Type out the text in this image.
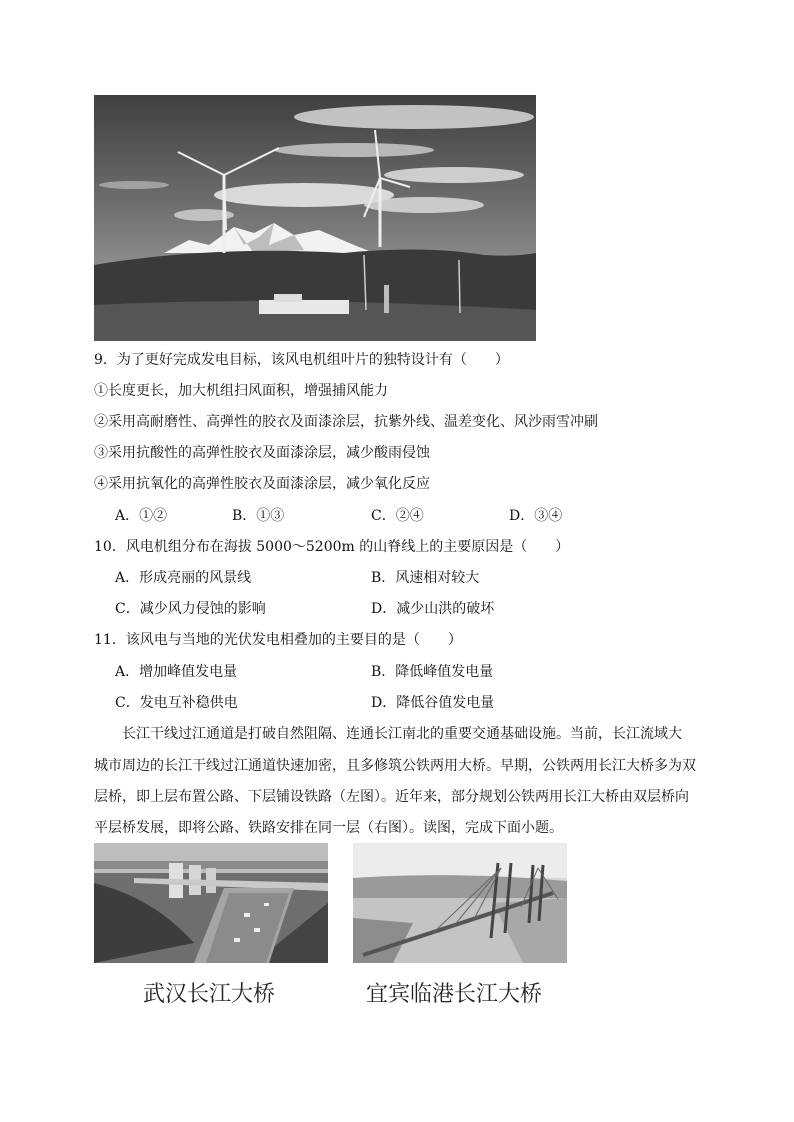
9．为了更好完成发电目标，该风电机组叶片的独特设计有（　　）
①长度更长，加大机组扫风面积，增强捕风能力
②采用高耐磨性、高弹性的胶衣及面漆涂层，抗紫外线、温差变化、风沙雨雪冲刷
③采用抗酸性的高弹性胶衣及面漆涂层，减少酸雨侵蚀
④采用抗氧化的高弹性胶衣及面漆涂层，减少氧化反应
A．①②	B．①③	C．②④	D．③④
10．风电机组分布在海拔 5000～5200m 的山脊线上的主要原因是（　　）
A．形成亮丽的风景线	B．风速相对较大
C．减少风力侵蚀的影响	D．减少山洪的破坏
11．该风电与当地的光伏发电相叠加的主要目的是（　　）
A．增加峰值发电量	B．降低峰值发电量
C．发电互补稳供电	D．降低谷值发电量
长江干线过江通道是打破自然阻隔、连通长江南北的重要交通基础设施。当前，长江流域大
城市周边的长江干线过江通道快速加密，且多修筑公铁两用大桥。早期，公铁两用长江大桥多为双
层桥，即上层布置公路、下层铺设铁路（左图）。近年来，部分规划公铁两用长江大桥由双层桥向
平层桥发展，即将公路、铁路安排在同一层（右图）。读图，完成下面小题。
武汉长江大桥	宜宾临港长江大桥
